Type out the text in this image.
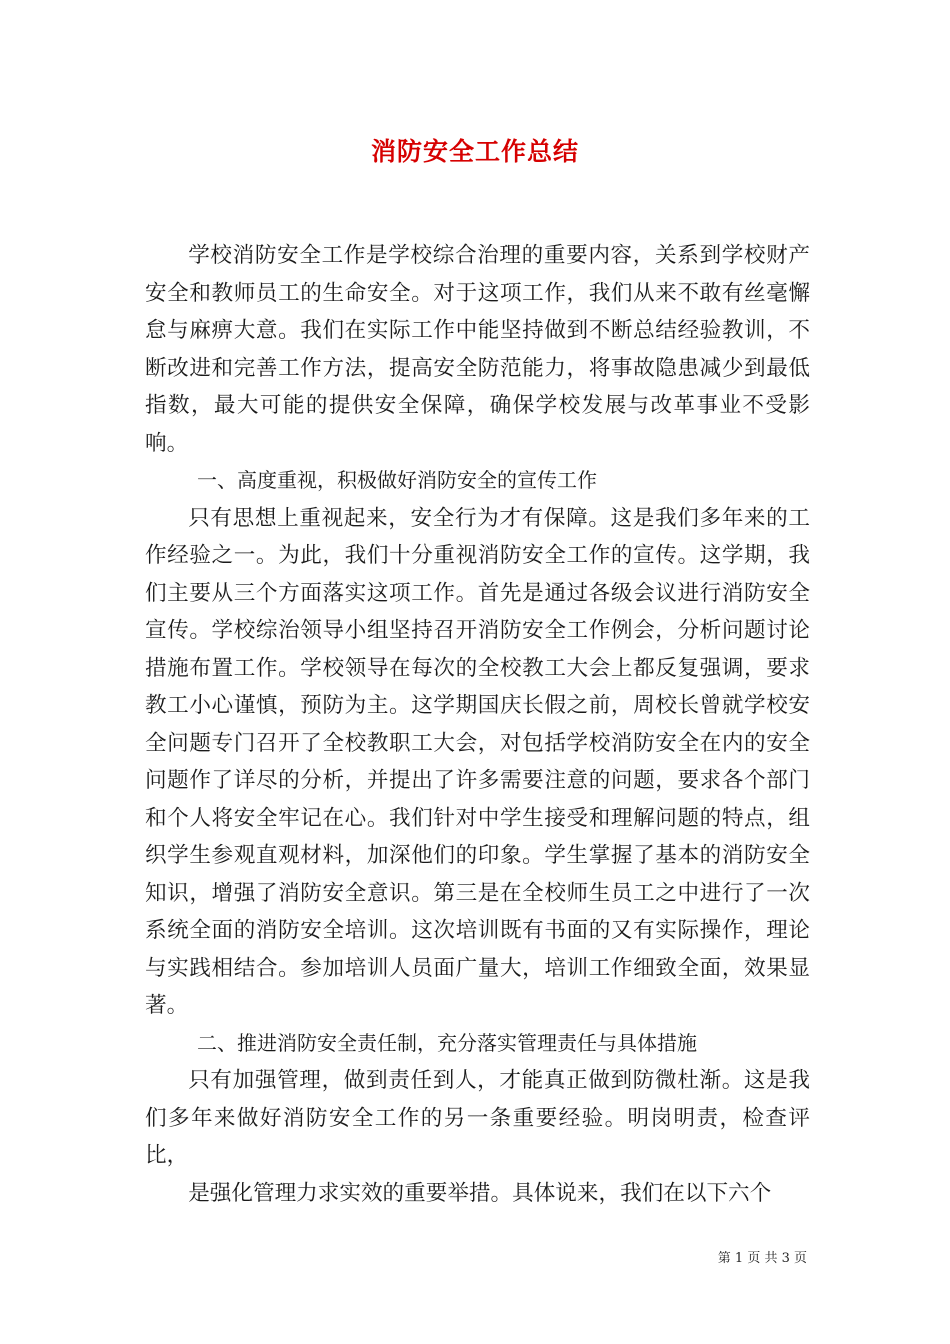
消防安全工作总结

学校消防安全工作是学校综合治理的重要内容，关系到学校财产安全和教师员工的生命安全。对于这项工作，我们从来不敢有丝毫懈怠与麻痹大意。我们在实际工作中能坚持做到不断总结经验教训，不断改进和完善工作方法，提高安全防范能力，将事故隐患减少到最低指数，最大可能的提供安全保障，确保学校发展与改革事业不受影响。

一、高度重视，积极做好消防安全的宣传工作

只有思想上重视起来，安全行为才有保障。这是我们多年来的工作经验之一。为此，我们十分重视消防安全工作的宣传。这学期，我们主要从三个方面落实这项工作。首先是通过各级会议进行消防安全宣传。学校综治领导小组坚持召开消防安全工作例会，分析问题讨论措施布置工作。学校领导在每次的全校教工大会上都反复强调，要求教工小心谨慎，预防为主。这学期国庆长假之前，周校长曾就学校安全问题专门召开了全校教职工大会，对包括学校消防安全在内的安全问题作了详尽的分析，并提出了许多需要注意的问题，要求各个部门和个人将安全牢记在心。我们针对中学生接受和理解问题的特点，组织学生参观直观材料，加深他们的印象。学生掌握了基本的消防安全知识，增强了消防安全意识。第三是在全校师生员工之中进行了一次系统全面的消防安全培训。这次培训既有书面的又有实际操作，理论与实践相结合。参加培训人员面广量大，培训工作细致全面，效果显著。

二、推进消防安全责任制，充分落实管理责任与具体措施

只有加强管理，做到责任到人，才能真正做到防微杜渐。这是我们多年来做好消防安全工作的另一条重要经验。明岗明责，检查评比，

是强化管理力求实效的重要举措。具体说来，我们在以下六个

第 1 页 共 3 页
